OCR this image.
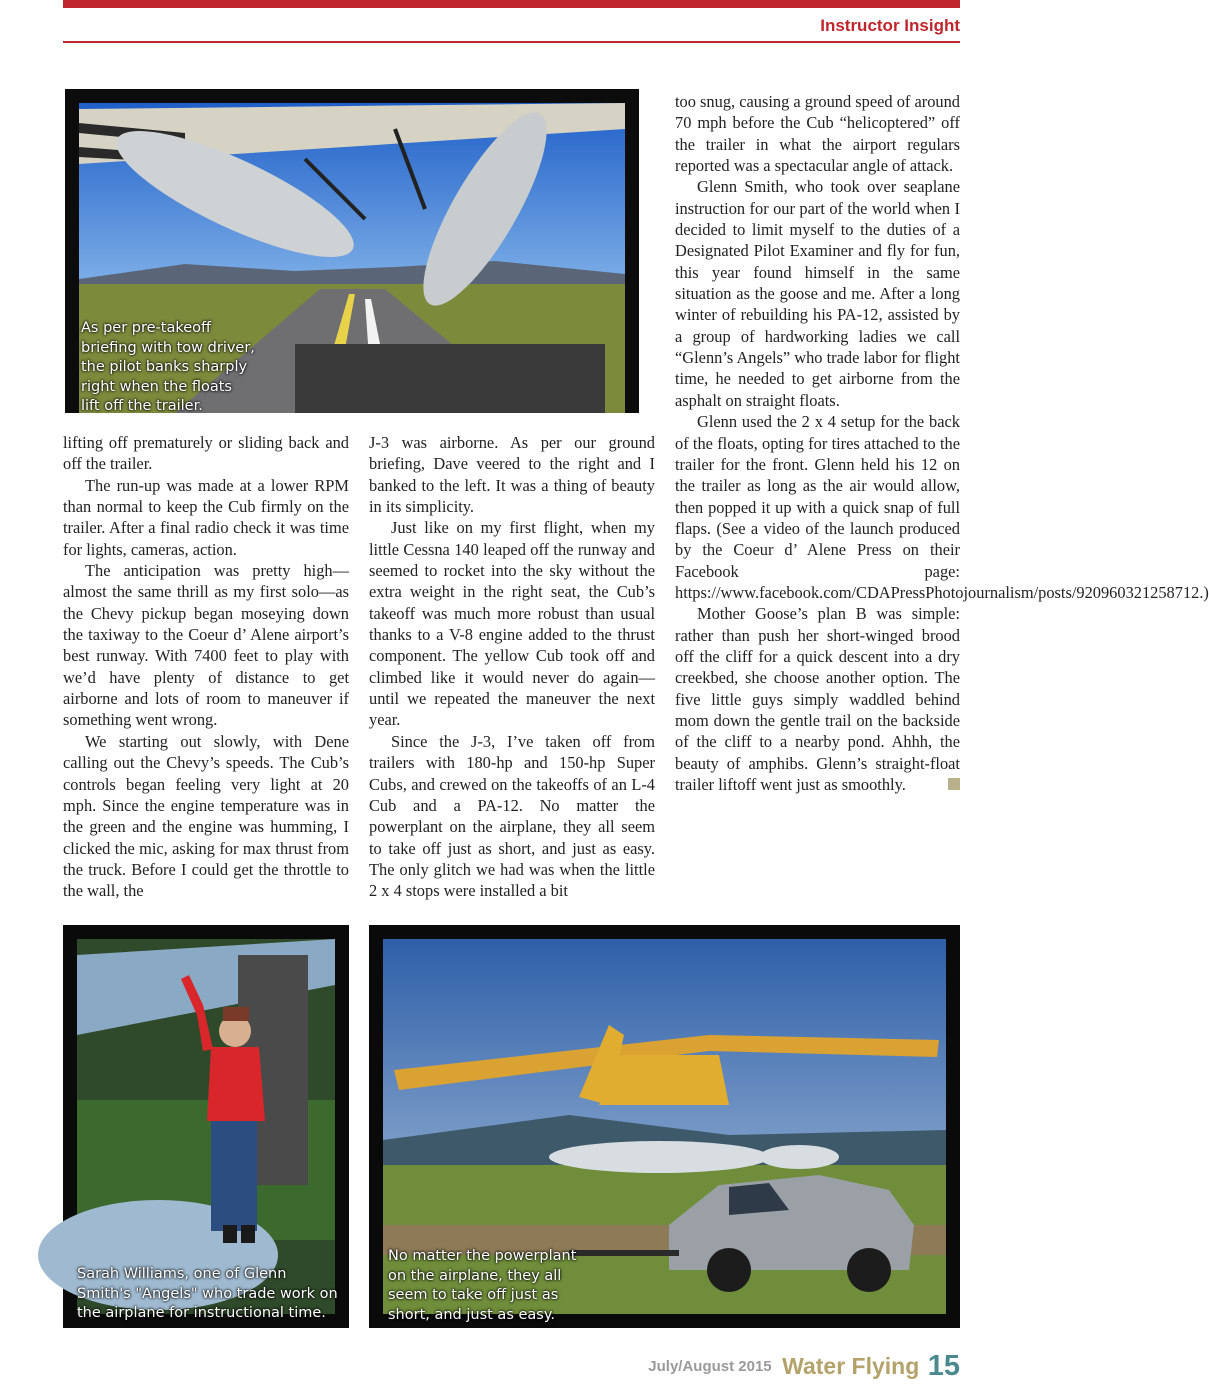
Instructor Insight
As per pre-takeoff
briefing with tow driver,
the pilot banks sharply
right when the floats
lift off the trailer.

lifting off prematurely or sliding back and off the trailer.

The run-up was made at a lower RPM than normal to keep the Cub firmly on the trailer. After a final radio check it was time for lights, cameras, action.

The anticipation was pretty high—almost the same thrill as my first solo—as the Chevy pickup began moseying down the taxiway to the Coeur d’ Alene airport’s best runway. With 7400 feet to play with we’d have plenty of distance to get airborne and lots of room to maneuver if something went wrong.

We starting out slowly, with Dene calling out the Chevy’s speeds. The Cub’s controls began feeling very light at 20 mph. Since the engine temperature was in the green and the engine was humming, I clicked the mic, asking for max thrust from the truck. Before I could get the throttle to the wall, the

J-3 was airborne. As per our ground briefing, Dave veered to the right and I banked to the left. It was a thing of beauty in its simplicity.

Just like on my first flight, when my little Cessna 140 leaped off the runway and seemed to rocket into the sky without the extra weight in the right seat, the Cub’s takeoff was much more robust than usual thanks to a V-8 engine added to the thrust component. The yellow Cub took off and climbed like it would never do again—until we repeated the maneuver the next year.

Since the J-3, I’ve taken off from trailers with 180-hp and 150-hp Super Cubs, and crewed on the takeoffs of an L-4 Cub and a PA-12. No matter the powerplant on the airplane, they all seem to take off just as short, and just as easy. The only glitch we had was when the little 2 x 4 stops were installed a bit

too snug, causing a ground speed of around 70 mph before the Cub “helicoptered” off the trailer in what the airport regulars reported was a spectacular angle of attack.

Glenn Smith, who took over seaplane instruction for our part of the world when I decided to limit myself to the duties of a Designated Pilot Examiner and fly for fun, this year found himself in the same situation as the goose and me. After a long winter of rebuilding his PA-12, assisted by a group of hardworking ladies we call “Glenn’s Angels” who trade labor for flight time, he needed to get airborne from the asphalt on straight floats.

Glenn used the 2 x 4 setup for the back of the floats, opting for tires attached to the trailer for the front. Glenn held his 12 on the trailer as long as the air would allow, then popped it up with a quick snap of full flaps. (See a video of the launch produced by the Coeur d’ Alene Press on their Facebook page: https://www.facebook.com/CDAPressPhotojournalism/posts/920960321258712.)

Mother Goose’s plan B was simple: rather than push her short-winged brood off the cliff for a quick descent into a dry creekbed, she choose another option. The five little guys simply waddled behind mom down the gentle trail on the backside of the cliff to a nearby pond. Ahhh, the beauty of amphibs. Glenn’s straight-float trailer liftoff went just as smoothly.

Sarah Williams, one of Glenn
Smith's "Angels" who trade work on
the airplane for instructional time.
No matter the powerplant
on the airplane, they all
seem to take off just as
short, and just as easy.
July/August 2015 Water Flying 15
